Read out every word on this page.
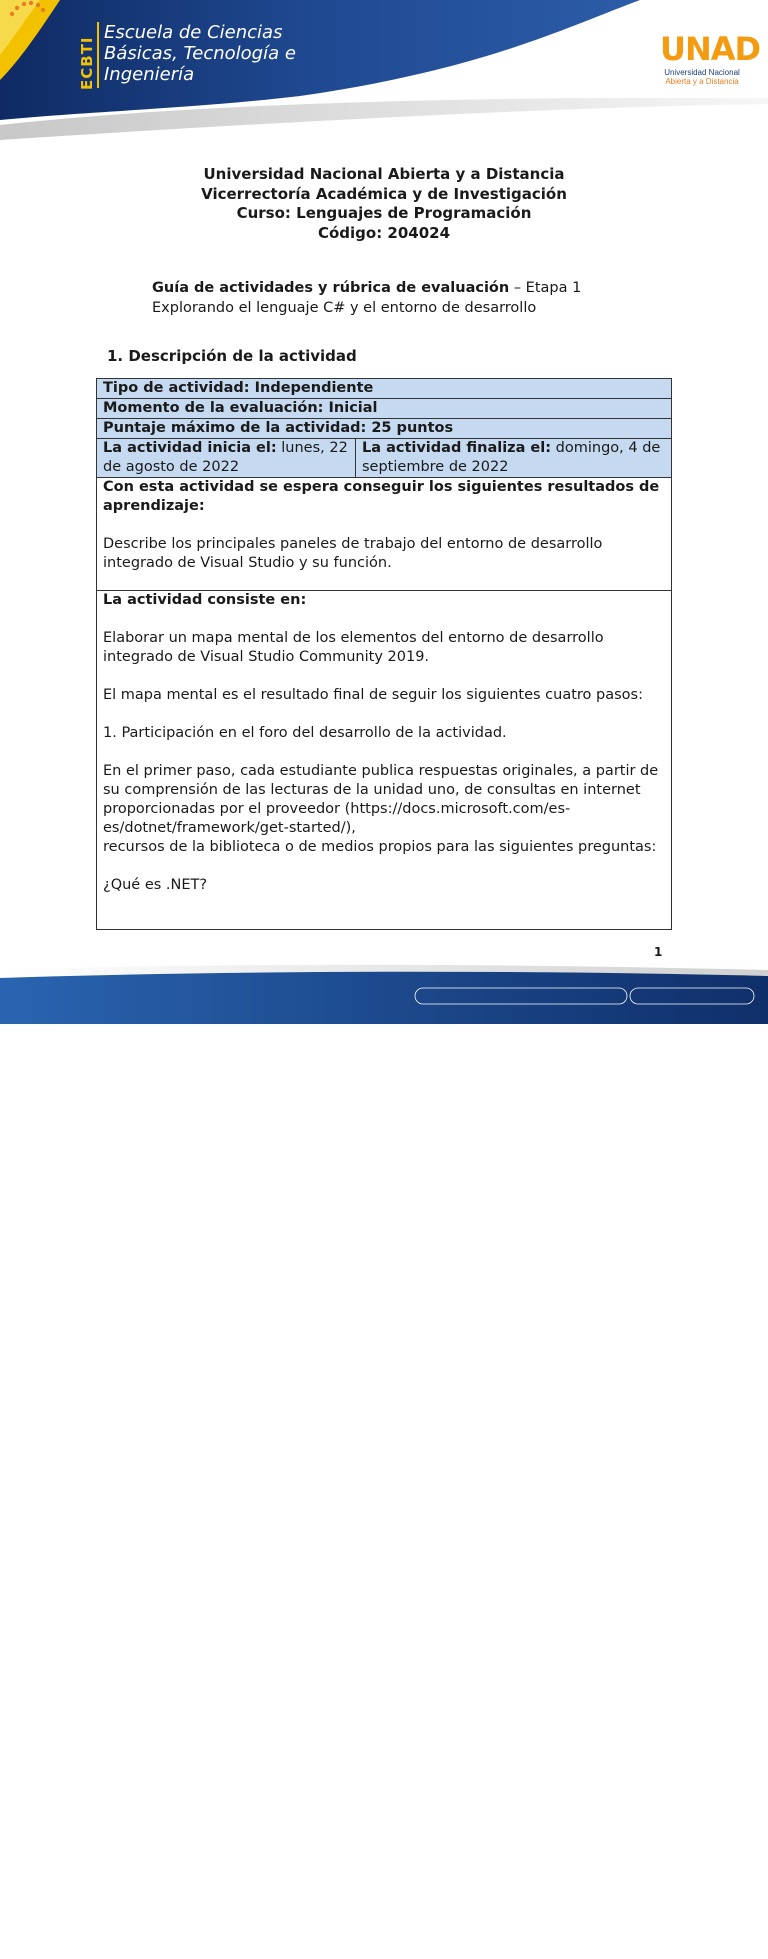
ECBTI
Escuela de Ciencias
Básicas, Tecnología e
Ingeniería
UNAD
Universidad Nacional
Abierta y a Distancia
Universidad Nacional Abierta y a Distancia
Vicerrectoría Académica y de Investigación
Curso: Lenguajes de Programación
Código: 204024
Guía de actividades y rúbrica de evaluación – Etapa 1
Explorando el lenguaje C# y el entorno de desarrollo
1. Descripción de la actividad
Tipo de actividad: Independiente
Momento de la evaluación: Inicial
Puntaje máximo de la actividad: 25 puntos
La actividad inicia el: lunes, 22 de agosto de 2022	La actividad finaliza el: domingo, 4 de septiembre de 2022

Con esta actividad se espera conseguir los siguientes resultados de aprendizaje:
Describe los principales paneles de trabajo del entorno de desarrollo integrado de Visual Studio y su función.

La actividad consiste en:
Elaborar un mapa mental de los elementos del entorno de desarrollo integrado de Visual Studio Community 2019.
El mapa mental es el resultado final de seguir los siguientes cuatro pasos:
1. Participación en el foro del desarrollo de la actividad.
En el primer paso, cada estudiante publica respuestas originales, a partir de su comprensión de las lecturas de la unidad uno, de consultas en internet proporcionadas por el proveedor (https://docs.microsoft.com/es-es/dotnet/framework/get-started/),
recursos de la biblioteca o de medios propios para las siguientes preguntas:
¿Qué es .NET?
1
Prohibida su reproducción y copia sin autorización de la UNAD.	UNAD © 2020 derechos reservados.
